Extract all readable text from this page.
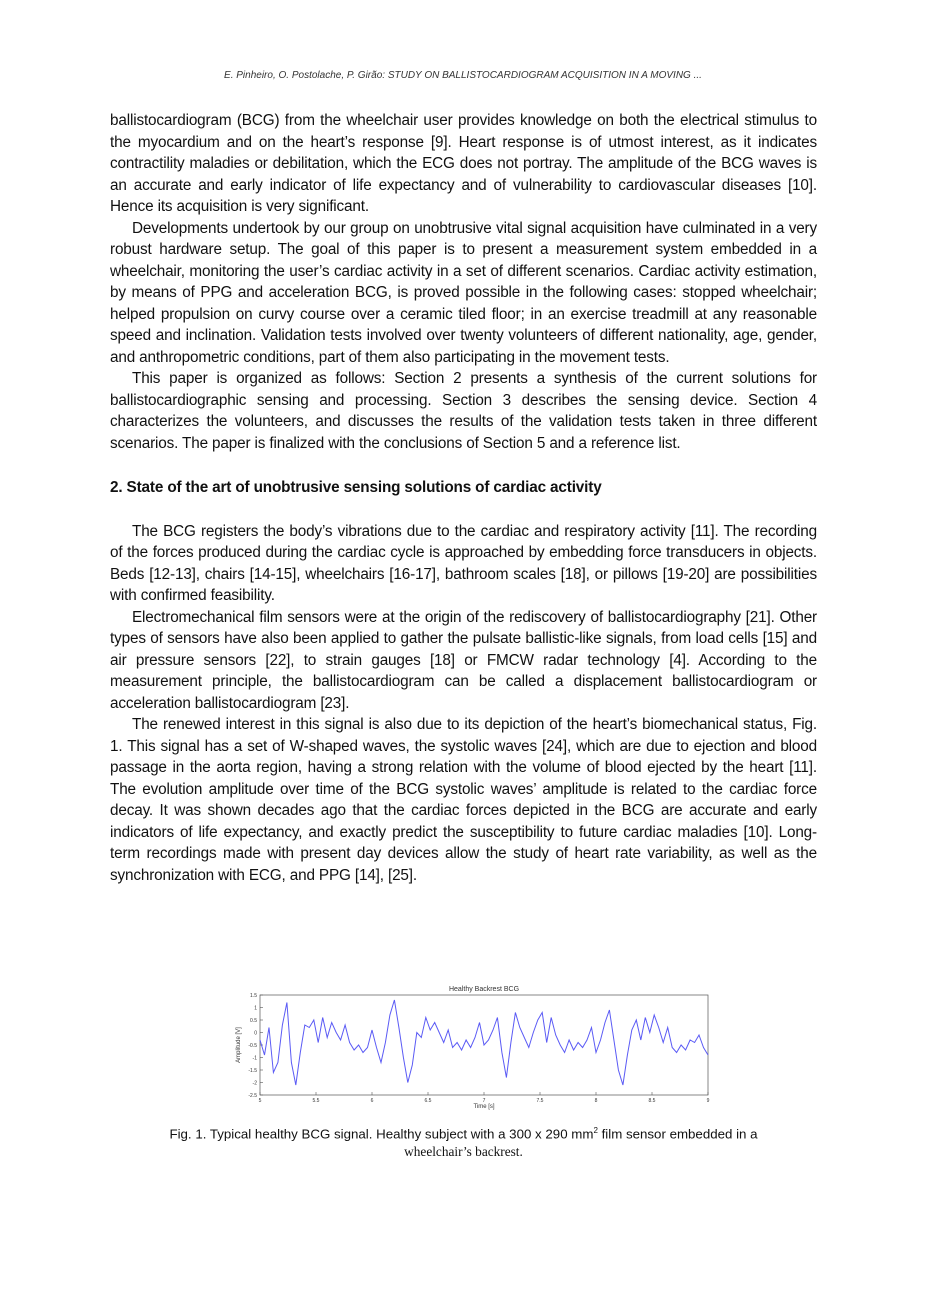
E. Pinheiro, O. Postolache, P. Girão: STUDY ON BALLISTOCARDIOGRAM ACQUISITION IN A MOVING ...

ballistocardiogram (BCG) from the wheelchair user provides knowledge on both the electrical stimulus to the myocardium and on the heart’s response [9]. Heart response is of utmost interest, as it indicates contractility maladies or debilitation, which the ECG does not portray. The amplitude of the BCG waves is an accurate and early indicator of life expectancy and of vulnerability to cardiovascular diseases [10]. Hence its acquisition is very significant.

Developments undertook by our group on unobtrusive vital signal acquisition have culminated in a very robust hardware setup. The goal of this paper is to present a measurement system embedded in a wheelchair, monitoring the user’s cardiac activity in a set of different scenarios. Cardiac activity estimation, by means of PPG and acceleration BCG, is proved possible in the following cases: stopped wheelchair; helped propulsion on curvy course over a ceramic tiled floor; in an exercise treadmill at any reasonable speed and inclination. Validation tests involved over twenty volunteers of different nationality, age, gender, and anthropometric conditions, part of them also participating in the movement tests.

This paper is organized as follows: Section 2 presents a synthesis of the current solutions for ballistocardiographic sensing and processing. Section 3 describes the sensing device. Section 4 characterizes the volunteers, and discusses the results of the validation tests taken in three different scenarios. The paper is finalized with the conclusions of Section 5 and a reference list.

2. State of the art of unobtrusive sensing solutions of cardiac activity

The BCG registers the body’s vibrations due to the cardiac and respiratory activity [11]. The recording of the forces produced during the cardiac cycle is approached by embedding force transducers in objects. Beds [12-13], chairs [14-15], wheelchairs [16-17], bathroom scales [18], or pillows [19-20] are possibilities with confirmed feasibility.

Electromechanical film sensors were at the origin of the rediscovery of ballistocardiography [21]. Other types of sensors have also been applied to gather the pulsate ballistic-like signals, from load cells [15] and air pressure sensors [22], to strain gauges [18] or FMCW radar technology [4]. According to the measurement principle, the ballistocardiogram can be called a displacement ballistocardiogram or acceleration ballistocardiogram [23].

The renewed interest in this signal is also due to its depiction of the heart’s biomechanical status, Fig. 1. This signal has a set of W-shaped waves, the systolic waves [24], which are due to ejection and blood passage in the aorta region, having a strong relation with the volume of blood ejected by the heart [11]. The evolution amplitude over time of the BCG systolic waves’ amplitude is related to the cardiac force decay. It was shown decades ago that the cardiac forces depicted in the BCG are accurate and early indicators of life expectancy, and exactly predict the susceptibility to future cardiac maladies [10]. Long-term recordings made with present day devices allow the study of heart rate variability, as well as the synchronization with ECG, and PPG [14], [25].

Healthy Backrest BCG
1.5
1
0.5
0
-0.5
-1
-1.5
-2
-2.5
5	5.5	6	6.5	7	7.5	8	8.5	9
Amplitude [V]
Time [s]
Fig. 1. Typical healthy BCG signal. Healthy subject with a 300 x 290 $mm^2$ film sensor embedded in a
wheelchair’s backrest.
